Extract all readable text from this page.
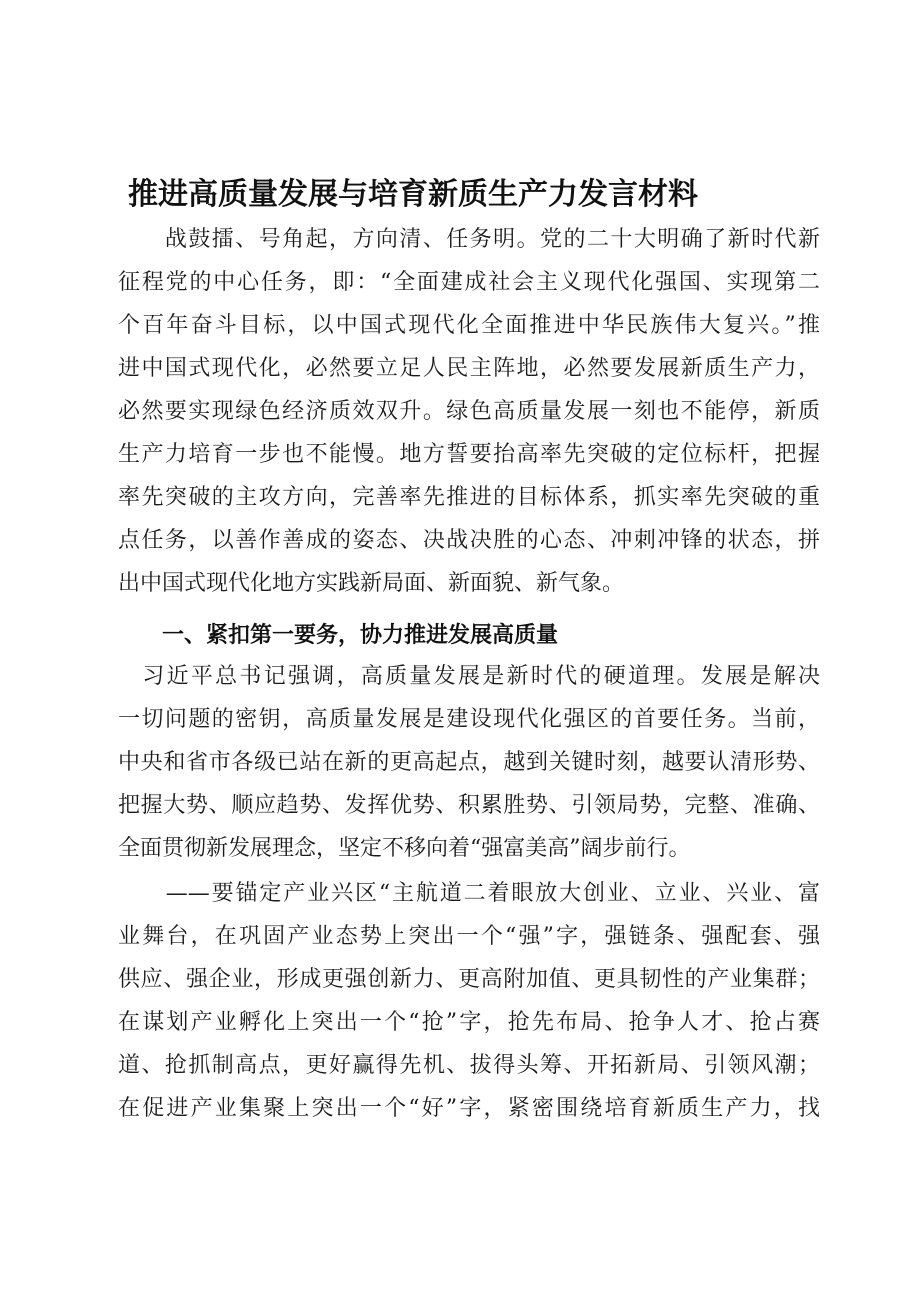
推进高质量发展与培育新质生产力发言材料
　　战鼓擂、号角起，方向清、任务明。党的二十大明确了新时代新
征程党的中心任务，即：“全面建成社会主义现代化强国、实现第二
个百年奋斗目标，以中国式现代化全面推进中华民族伟大复兴。”推
进中国式现代化，必然要立足人民主阵地，必然要发展新质生产力，
必然要实现绿色经济质效双升。绿色高质量发展一刻也不能停，新质
生产力培育一步也不能慢。地方誓要抬高率先突破的定位标杆，把握
率先突破的主攻方向，完善率先推进的目标体系，抓实率先突破的重
点任务，以善作善成的姿态、决战决胜的心态、冲刺冲锋的状态，拼
出中国式现代化地方实践新局面、新面貌、新气象。
一、紧扣第一要务，协力推进发展高质量
　习近平总书记强调，高质量发展是新时代的硬道理。发展是解决
一切问题的密钥，高质量发展是建设现代化强区的首要任务。当前，
中央和省市各级已站在新的更高起点，越到关键时刻，越要认清形势、
把握大势、顺应趋势、发挥优势、积累胜势、引领局势，完整、准确、
全面贯彻新发展理念，坚定不移向着“强富美高”阔步前行。
　　——要锚定产业兴区“主航道二着眼放大创业、立业、兴业、富
业舞台，在巩固产业态势上突出一个“强”字，强链条、强配套、强
供应、强企业，形成更强创新力、更高附加值、更具韧性的产业集群；
在谋划产业孵化上突出一个“抢”字，抢先布局、抢争人才、抢占赛
道、抢抓制高点，更好赢得先机、拔得头筹、开拓新局、引领风潮；
在促进产业集聚上突出一个“好”字，紧密围绕培育新质生产力，找
